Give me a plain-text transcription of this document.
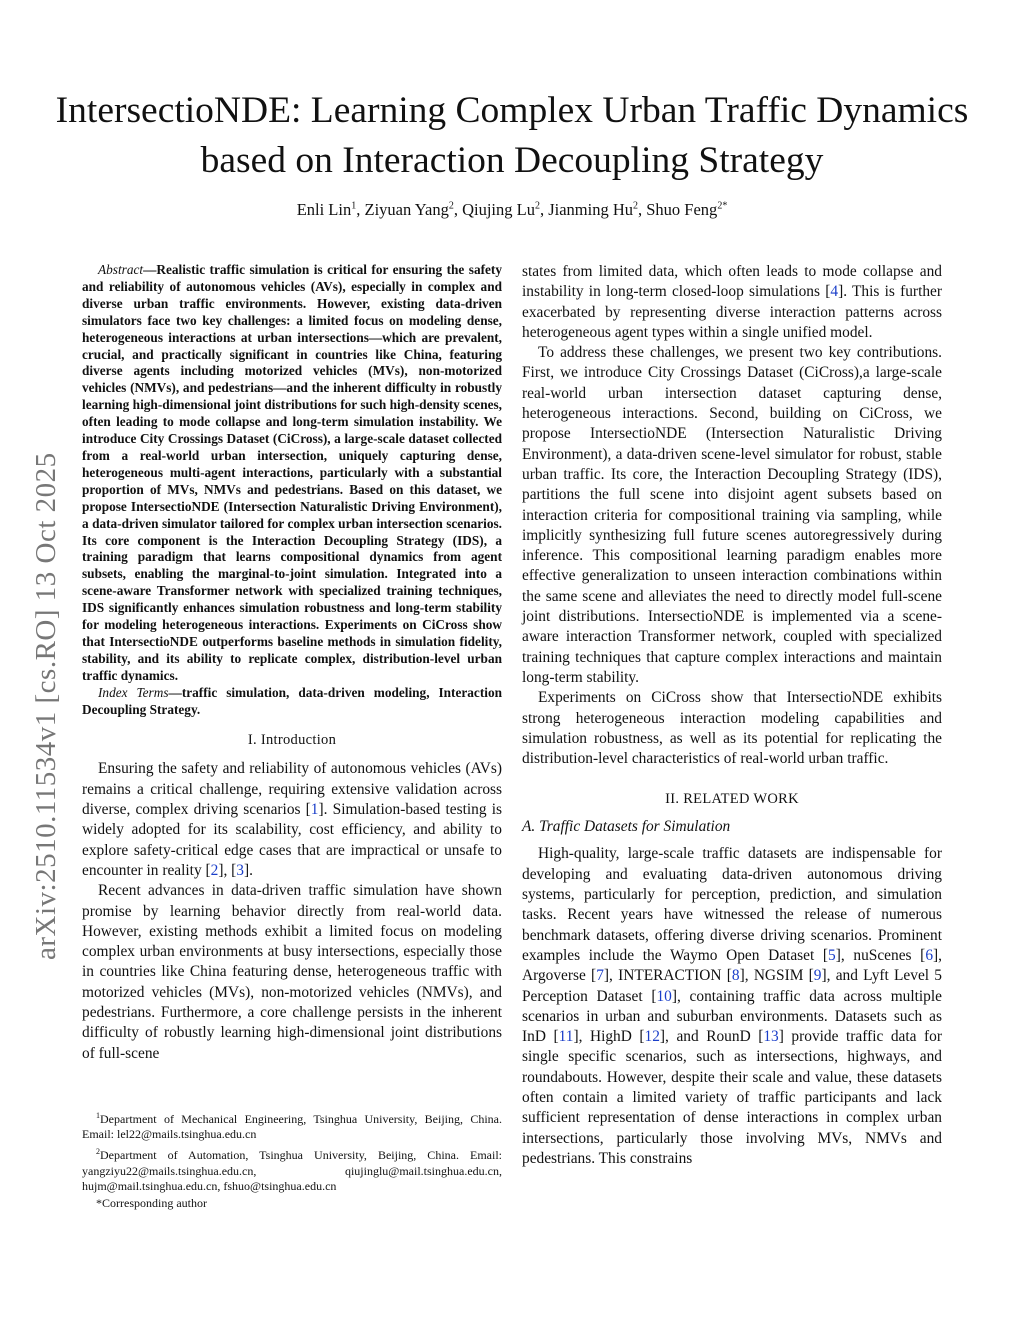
arXiv:2510.11534v1 [cs.RO] 13 Oct 2025
IntersectioNDE: Learning Complex Urban Traffic Dynamics based on Interaction Decoupling Strategy
Enli Lin$^1$, Ziyuan Yang$^2$, Qiujing Lu$^2$, Jianming Hu$^2$, Shuo Feng$^{2*}$

Abstract—Realistic traffic simulation is critical for ensuring the safety and reliability of autonomous vehicles (AVs), especially in complex and diverse urban traffic environments. However, existing data-driven simulators face two key challenges: a limited focus on modeling dense, heterogeneous interactions at urban intersections—which are prevalent, crucial, and practically significant in countries like China, featuring diverse agents including motorized vehicles (MVs), non-motorized vehicles (NMVs), and pedestrians—and the inherent difficulty in robustly learning high-dimensional joint distributions for such high-density scenes, often leading to mode collapse and long-term simulation instability. We introduce City Crossings Dataset (CiCross), a large-scale dataset collected from a real-world urban intersection, uniquely capturing dense, heterogeneous multi-agent interactions, particularly with a substantial proportion of MVs, NMVs and pedestrians. Based on this dataset, we propose IntersectioNDE (Intersection Naturalistic Driving Environment), a data-driven simulator tailored for complex urban intersection scenarios. Its core component is the Interaction Decoupling Strategy (IDS), a training paradigm that learns compositional dynamics from agent subsets, enabling the marginal-to-joint simulation. Integrated into a scene-aware Transformer network with specialized training techniques, IDS significantly enhances simulation robustness and long-term stability for modeling heterogeneous interactions. Experiments on CiCross show that IntersectioNDE outperforms baseline methods in simulation fidelity, stability, and its ability to replicate complex, distribution-level urban traffic dynamics.

Index Terms—traffic simulation, data-driven modeling, Interaction Decoupling Strategy.

I. Introduction

Ensuring the safety and reliability of autonomous vehicles (AVs) remains a critical challenge, requiring extensive validation across diverse, complex driving scenarios [1]. Simulation-based testing is widely adopted for its scalability, cost efficiency, and ability to explore safety-critical edge cases that are impractical or unsafe to encounter in reality [2], [3].

Recent advances in data-driven traffic simulation have shown promise by learning behavior directly from real-world data. However, existing methods exhibit a limited focus on modeling complex urban environments at busy intersections, especially those in countries like China featuring dense, heterogeneous traffic with motorized vehicles (MVs), non-motorized vehicles (NMVs), and pedestrians. Furthermore, a core challenge persists in the inherent difficulty of robustly learning high-dimensional joint distributions of full-scene

states from limited data, which often leads to mode collapse and instability in long-term closed-loop simulations [4]. This is further exacerbated by representing diverse interaction patterns across heterogeneous agent types within a single unified model.

To address these challenges, we present two key contributions. First, we introduce City Crossings Dataset (CiCross),a large-scale real-world urban intersection dataset capturing dense, heterogeneous interactions. Second, building on CiCross, we propose IntersectioNDE (Intersection Naturalistic Driving Environment), a data-driven scene-level simulator for robust, stable urban traffic. Its core, the Interaction Decoupling Strategy (IDS), partitions the full scene into disjoint agent subsets based on interaction criteria for compositional training via sampling, while implicitly synthesizing full future scenes autoregressively during inference. This compositional learning paradigm enables more effective generalization to unseen interaction combinations within the same scene and alleviates the need to directly model full-scene joint distributions. IntersectioNDE is implemented via a scene-aware interaction Transformer network, coupled with specialized training techniques that capture complex interactions and maintain long-term stability.

Experiments on CiCross show that IntersectioNDE exhibits strong heterogeneous interaction modeling capabilities and simulation robustness, as well as its potential for replicating the distribution-level characteristics of real-world urban traffic.

II. RELATED WORK
A. Traffic Datasets for Simulation

High-quality, large-scale traffic datasets are indispensable for developing and evaluating data-driven autonomous driving systems, particularly for perception, prediction, and simulation tasks. Recent years have witnessed the release of numerous benchmark datasets, offering diverse driving scenarios. Prominent examples include the Waymo Open Dataset [5], nuScenes [6], Argoverse [7], INTERACTION [8], NGSIM [9], and Lyft Level 5 Perception Dataset [10], containing traffic data across multiple scenarios in urban and suburban environments. Datasets such as InD [11], HighD [12], and RounD [13] provide traffic data for single specific scenarios, such as intersections, highways, and roundabouts. However, despite their scale and value, these datasets often contain a limited variety of traffic participants and lack sufficient representation of dense interactions in complex urban intersections, particularly those involving MVs, NMVs and pedestrians. This constrains

$^1$Department of Mechanical Engineering, Tsinghua University, Beijing, China. Email: lel22@mails.tsinghua.edu.cn

$^2$Department of Automation, Tsinghua University, Beijing, China. Email: yangziyu22@mails.tsinghua.edu.cn, qiujinglu@mail.tsinghua.edu.cn, hujm@mail.tsinghua.edu.cn, fshuo@tsinghua.edu.cn

*Corresponding author
